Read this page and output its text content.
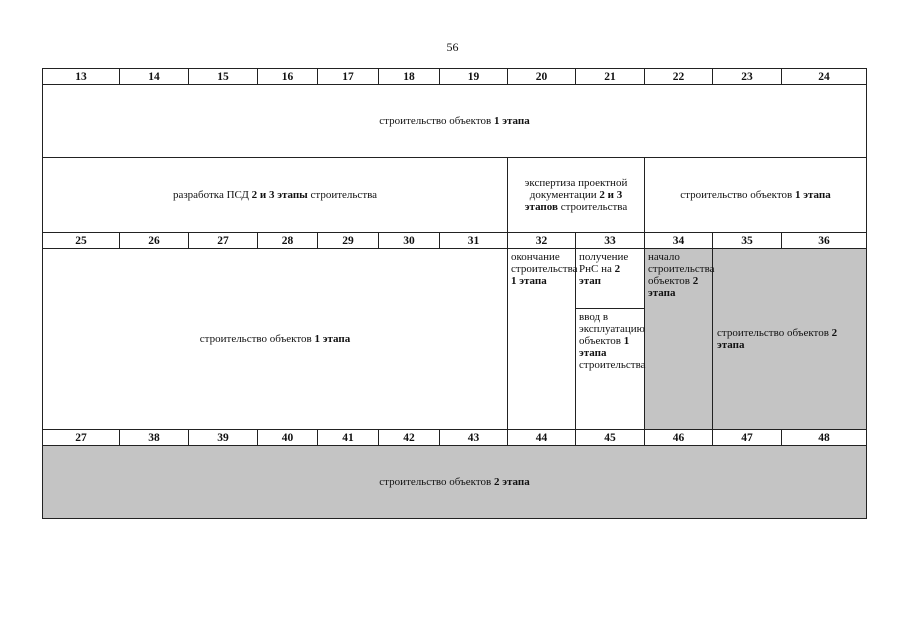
56
13	14	15	16	17	18	19	20	21	22	23	24
строительство объектов 1 этапа											
разработка ПСД 2 и 3 этапы строительства							экспертиза проектной документации 2 и 3 этапов строительства		строительство объектов 1 этапа		
25	26	27	28	29	30	31	32	33	34	35	36
строительство объектов 1 этапа							окончание строительства 1 этапа	получение РнС на 2 этап	начало строительства объектов 2 этапа	строительство объектов 2 этапа	
								ввод в эксплуатацию объектов 1 этапа строительства			
27	38	39	40	41	42	43	44	45	46	47	48
строительство объектов 2 этапа											
